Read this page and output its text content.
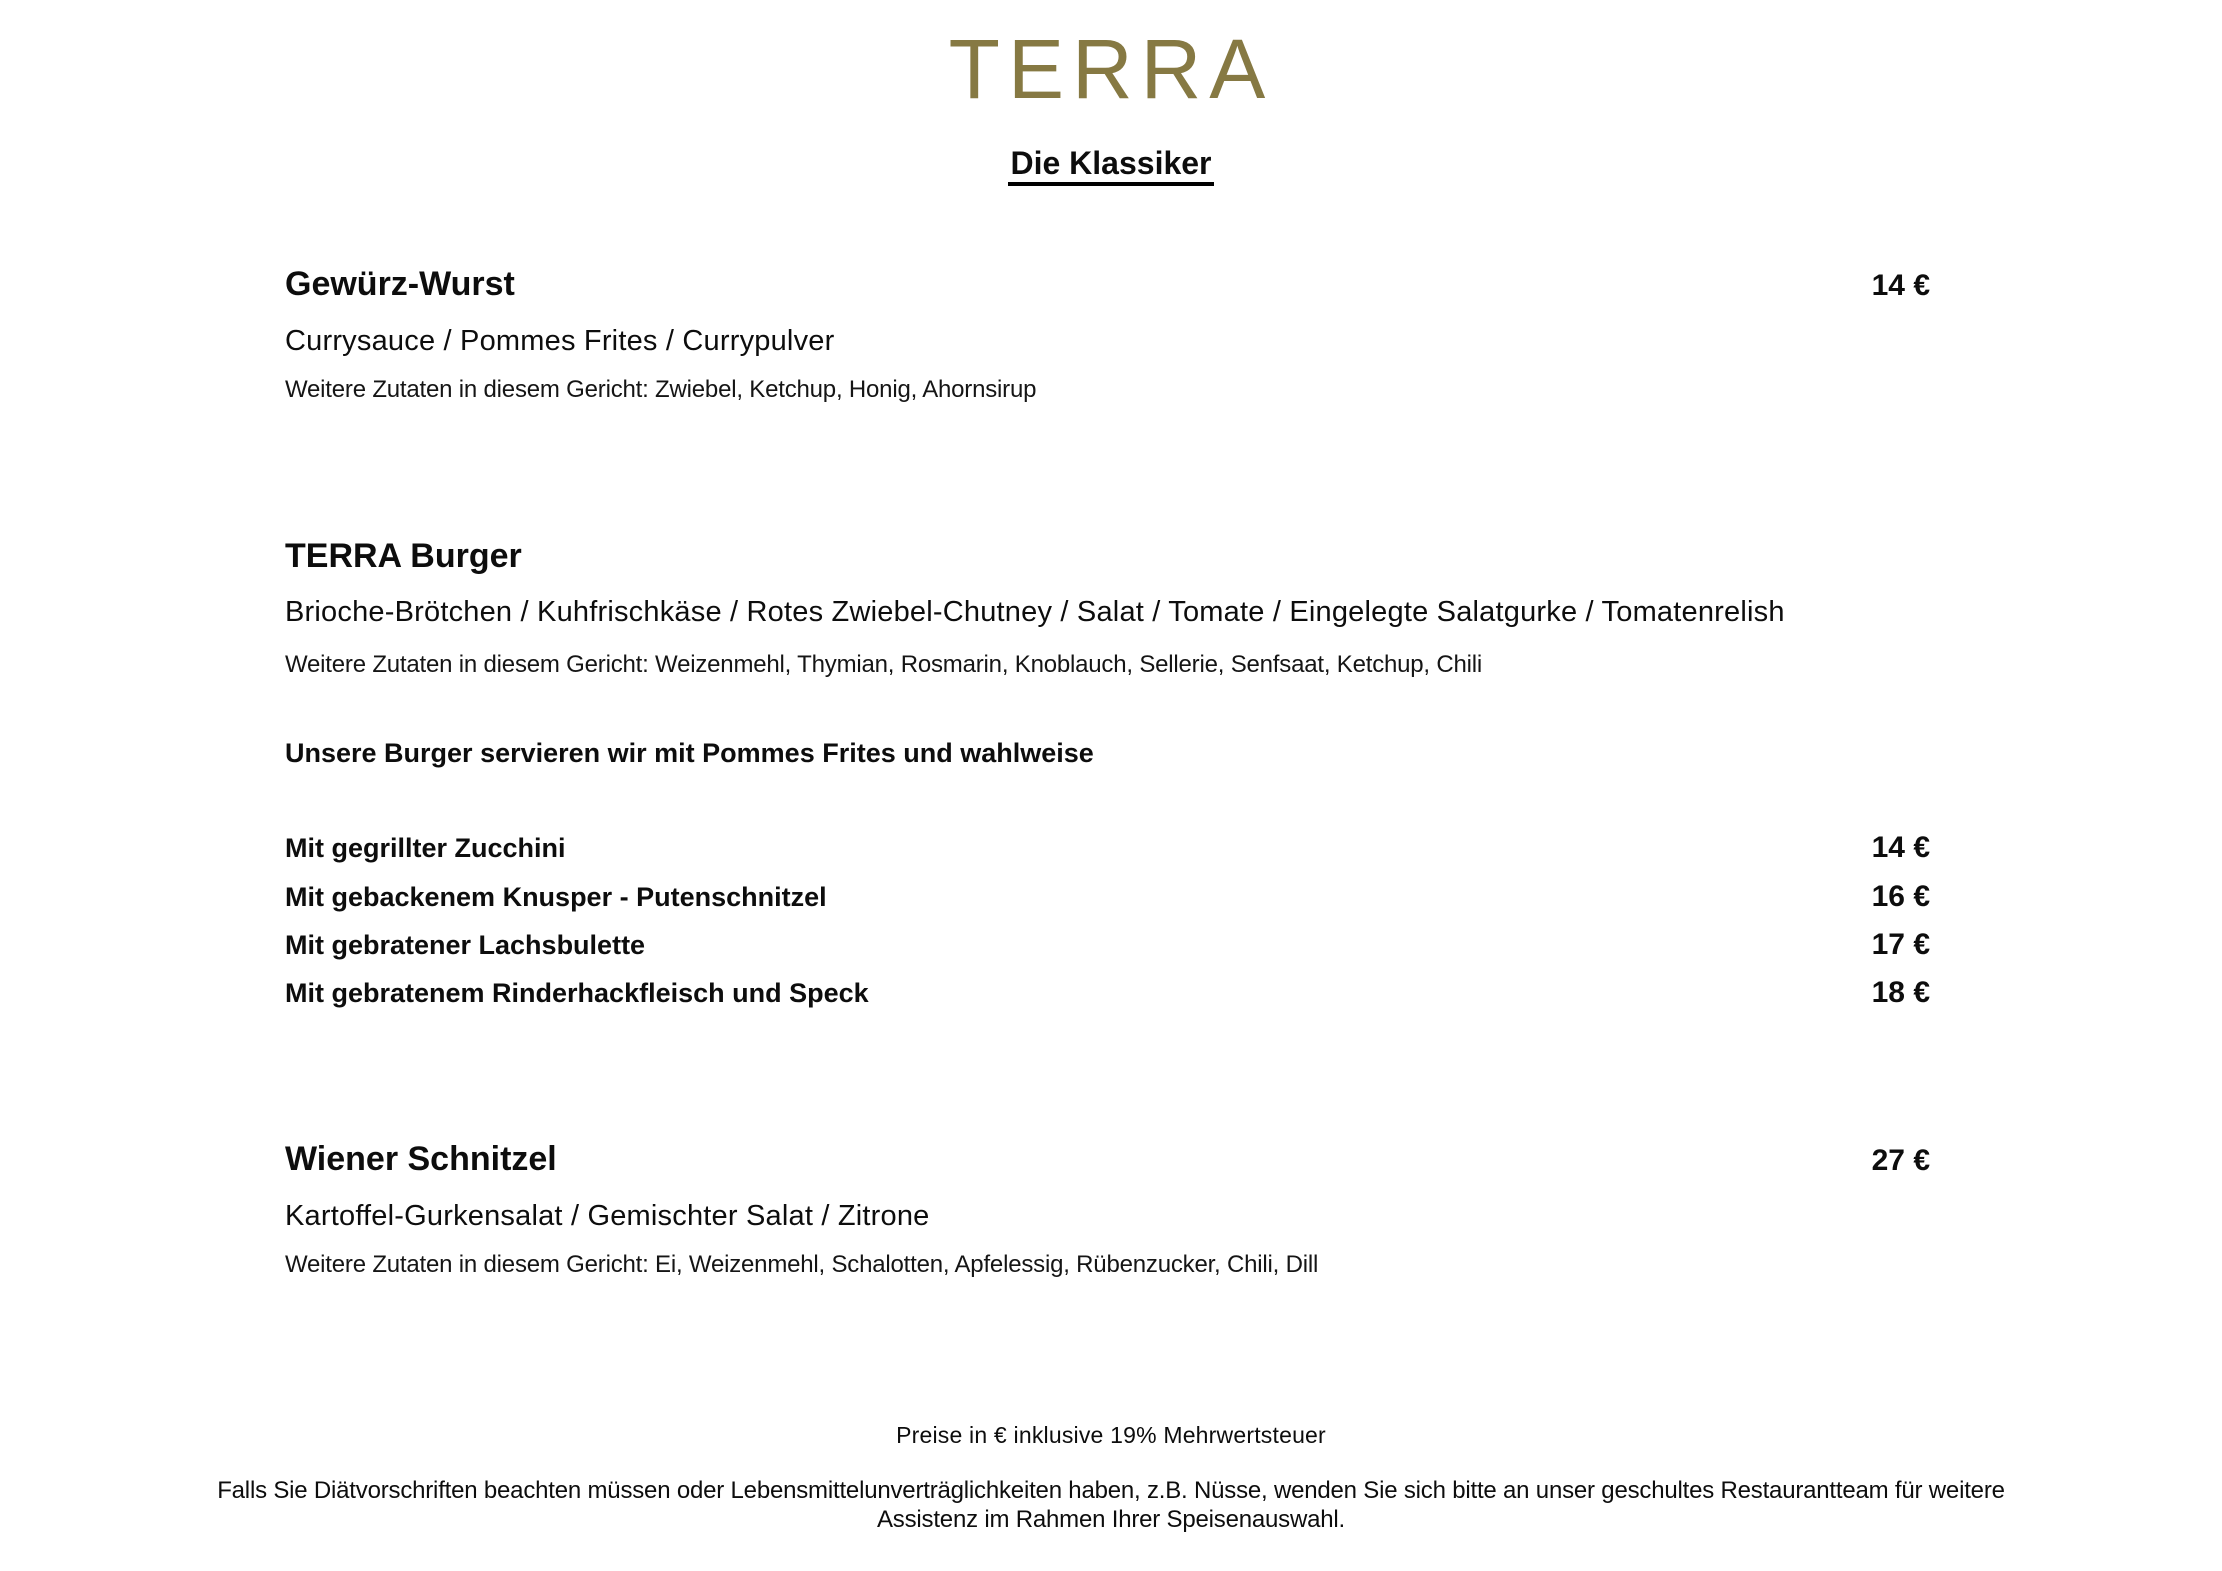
TERRA
Die Klassiker
Gewürz-Wurst	14 €
Currysauce / Pommes Frites / Currypulver
Weitere Zutaten in diesem Gericht: Zwiebel, Ketchup, Honig, Ahornsirup
TERRA Burger
Brioche-Brötchen / Kuhfrischkäse / Rotes Zwiebel-Chutney / Salat / Tomate / Eingelegte Salatgurke / Tomatenrelish
Weitere Zutaten in diesem Gericht: Weizenmehl, Thymian, Rosmarin, Knoblauch, Sellerie, Senfsaat, Ketchup, Chili
Unsere Burger servieren wir mit Pommes Frites und wahlweise
Mit gegrillter Zucchini	14 €
Mit gebackenem Knusper - Putenschnitzel	16 €
Mit gebratener Lachsbulette	17 €
Mit gebratenem Rinderhackfleisch und Speck	18 €
Wiener Schnitzel	27 €
Kartoffel-Gurkensalat / Gemischter Salat / Zitrone
Weitere Zutaten in diesem Gericht: Ei, Weizenmehl, Schalotten, Apfelessig, Rübenzucker, Chili, Dill
Preise in € inklusive 19% Mehrwertsteuer
Falls Sie Diätvorschriften beachten müssen oder Lebensmittelunverträglichkeiten haben, z.B. Nüsse, wenden Sie sich bitte an unser geschultes Restaurantteam für weitere Assistenz im Rahmen Ihrer Speisenauswahl.
